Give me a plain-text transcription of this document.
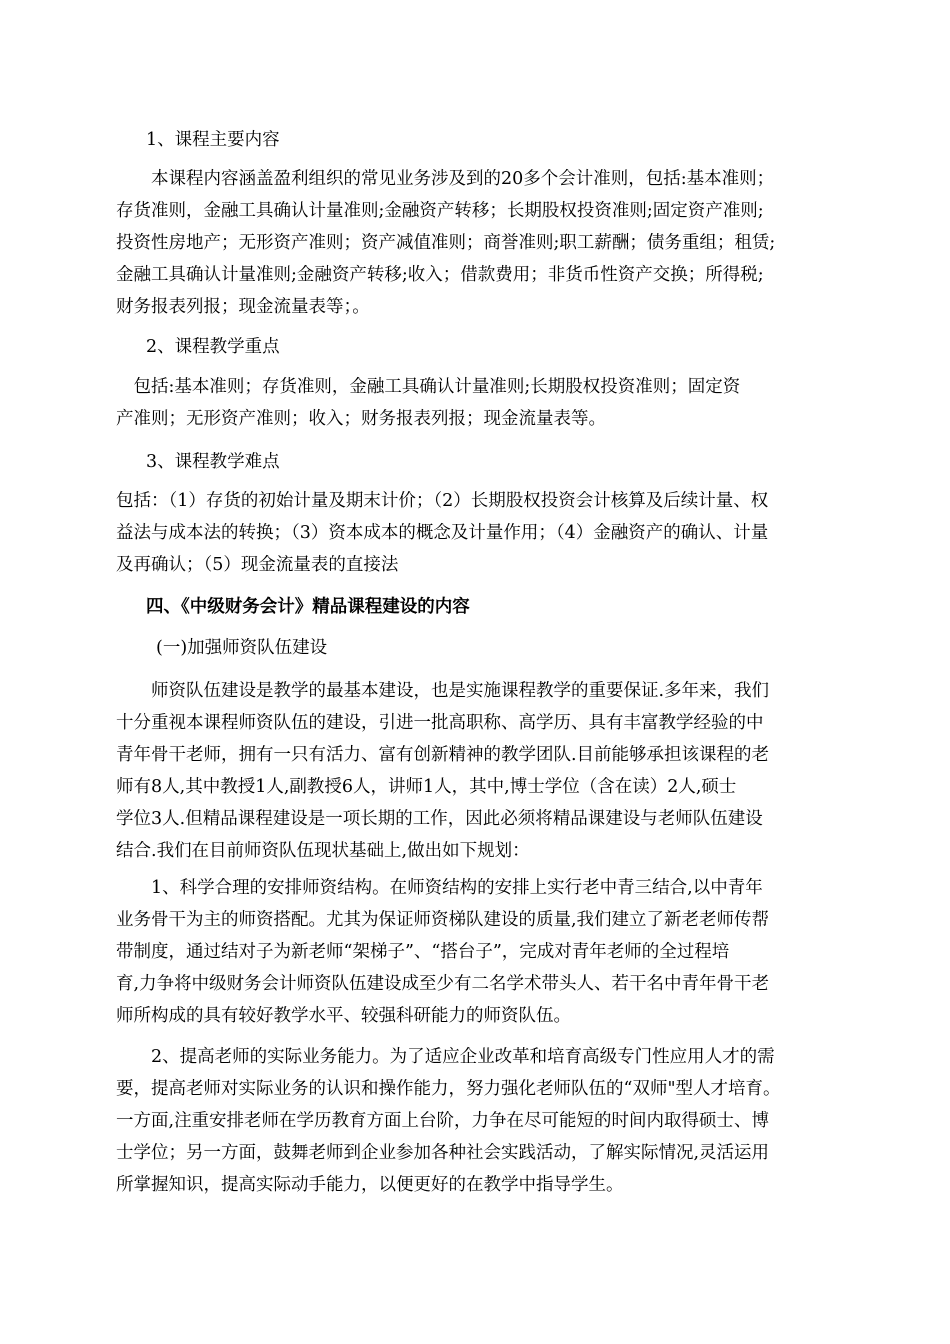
1、课程主要内容
　　本课程内容涵盖盈利组织的常见业务涉及到的20多个会计准则，包括:基本准则；
存货准则，金融工具确认计量准则;金融资产转移；长期股权投资准则;固定资产准则;
投资性房地产；无形资产准则；资产减值准则；商誉准则;职工薪酬；债务重组；租赁;
金融工具确认计量准则;金融资产转移;收入；借款费用；非货币性资产交换；所得税;
财务报表列报；现金流量表等；。
2、课程教学重点
　包括:基本准则；存货准则，金融工具确认计量准则;长期股权投资准则；固定资
产准则；无形资产准则；收入；财务报表列报；现金流量表等。
3、课程教学难点
包括：（1）存货的初始计量及期末计价；（2）长期股权投资会计核算及后续计量、权
益法与成本法的转换；（3）资本成本的概念及计量作用；（4）金融资产的确认、计量
及再确认；（5）现金流量表的直接法
四、《中级财务会计》精品课程建设的内容
(一)加强师资队伍建设
　　师资队伍建设是教学的最基本建设，也是实施课程教学的重要保证.多年来，我们
十分重视本课程师资队伍的建设，引进一批高职称、高学历、具有丰富教学经验的中
青年骨干老师，拥有一只有活力、富有创新精神的教学团队.目前能够承担该课程的老
师有8人,其中教授1人,副教授6人，讲师1人，其中,博士学位（含在读）2人,硕士
学位3人.但精品课程建设是一项长期的工作，因此必须将精品课建设与老师队伍建设
结合.我们在目前师资队伍现状基础上,做出如下规划：
　　1、科学合理的安排师资结构。在师资结构的安排上实行老中青三结合,以中青年
业务骨干为主的师资搭配。尤其为保证师资梯队建设的质量,我们建立了新老老师传帮
带制度，通过结对子为新老师“架梯子”、“搭台子”，完成对青年老师的全过程培
育,力争将中级财务会计师资队伍建设成至少有二名学术带头人、若干名中青年骨干老
师所构成的具有较好教学水平、较强科研能力的师资队伍。
　　2、提高老师的实际业务能力。为了适应企业改革和培育高级专门性应用人才的需
要，提高老师对实际业务的认识和操作能力，努力强化老师队伍的“双师"型人才培育。
一方面,注重安排老师在学历教育方面上台阶，力争在尽可能短的时间内取得硕士、博
士学位；另一方面，鼓舞老师到企业参加各种社会实践活动，了解实际情况,灵活运用
所掌握知识，提高实际动手能力，以便更好的在教学中指导学生。
